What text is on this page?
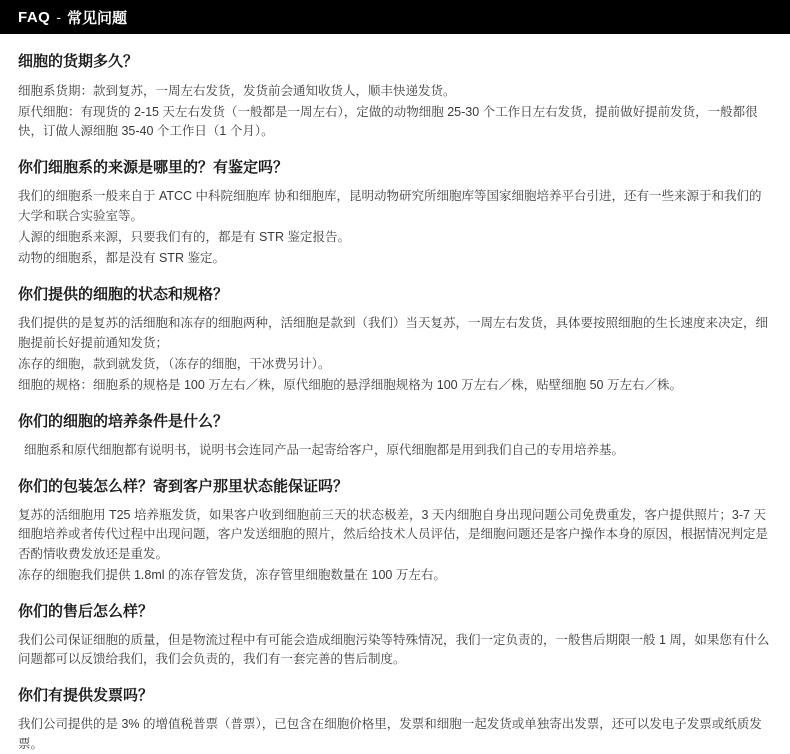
FAQ - 常见问题
细胞的货期多久？

细胞系货期：款到复苏，一周左右发货，发货前会通知收货人，顺丰快递发货。

原代细胞：有现货的 2-15 天左右发货（一般都是一周左右），定做的动物细胞 25-30 个工作日左右发货，提前做好提前发货，一般都很快，订做人源细胞 35-40 个工作日（1 个月）。

你们细胞系的来源是哪里的？有鉴定吗？

我们的细胞系一般来自于 ATCC 中科院细胞库 协和细胞库，昆明动物研究所细胞库等国家细胞培养平台引进，还有一些来源于和我们的大学和联合实验室等。

人源的细胞系来源，只要我们有的，都是有 STR 鉴定报告。

动物的细胞系，都是没有 STR 鉴定。

你们提供的细胞的状态和规格？

我们提供的是复苏的活细胞和冻存的细胞两种，活细胞是款到（我们）当天复苏，一周左右发货，具体要按照细胞的生长速度来决定，细胞提前长好提前通知发货；

冻存的细胞，款到就发货，（冻存的细胞，干冰费另计）。

细胞的规格：细胞系的规格是 100 万左右／株，原代细胞的悬浮细胞规格为 100 万左右／株，贴壁细胞 50 万左右／株。

你们的细胞的培养条件是什么？

细胞系和原代细胞都有说明书，说明书会连同产品一起寄给客户，原代细胞都是用到我们自己的专用培养基。

你们的包装怎么样？寄到客户那里状态能保证吗？

复苏的活细胞用 T25 培养瓶发货，如果客户收到细胞前三天的状态极差，3 天内细胞自身出现问题公司免费重发，客户提供照片；3-7 天细胞培养或者传代过程中出现问题，客户发送细胞的照片，然后给技术人员评估，是细胞问题还是客户操作本身的原因，根据情况判定是否酌情收费发放还是重发。

冻存的细胞我们提供 1.8ml 的冻存管发货，冻存管里细胞数量在 100 万左右。

你们的售后怎么样？

我们公司保证细胞的质量，但是物流过程中有可能会造成细胞污染等特殊情况，我们一定负责的，一般售后期限一般 1 周，如果您有什么问题都可以反馈给我们，我们会负责的，我们有一套完善的售后制度。

你们有提供发票吗？

我们公司提供的是 3% 的增值税普票（普票），已包含在细胞价格里，发票和细胞一起发货或单独寄出发票，还可以发电子发票或纸质发票。
